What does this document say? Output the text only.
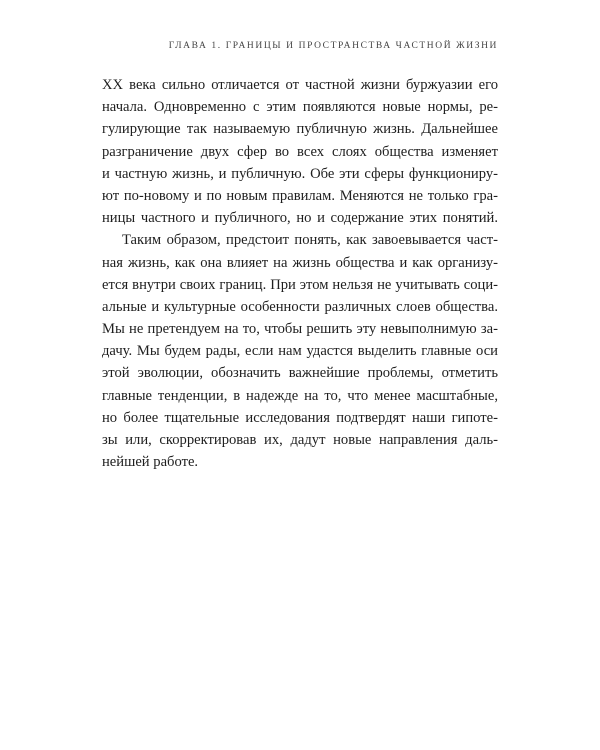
ГЛАВА 1. ГРАНИЦЫ И ПРОСТРАНСТВА ЧАСТНОЙ ЖИЗНИ
XX века сильно отличается от частной жизни буржуазии его
начала. Одновременно с этим появляются новые нормы, ре-
гулирующие так называемую публичную жизнь. Дальнейшее
разграничение двух сфер во всех слоях общества изменяет
и частную жизнь, и публичную. Обе эти сферы функциониру-
ют по-новому и по новым правилам. Меняются не только гра-
ницы частного и публичного, но и содержание этих понятий.
Таким образом, предстоит понять, как завоевывается част-
ная жизнь, как она влияет на жизнь общества и как организу-
ется внутри своих границ. При этом нельзя не учитывать соци-
альные и культурные особенности различных слоев общества.
Мы не претендуем на то, чтобы решить эту невыполнимую за-
дачу. Мы будем рады, если нам удастся выделить главные оси
этой эволюции, обозначить важнейшие проблемы, отметить
главные тенденции, в надежде на то, что менее масштабные,
но более тщательные исследования подтвердят наши гипоте-
зы или, скорректировав их, дадут новые направления даль-
нейшей работе.
